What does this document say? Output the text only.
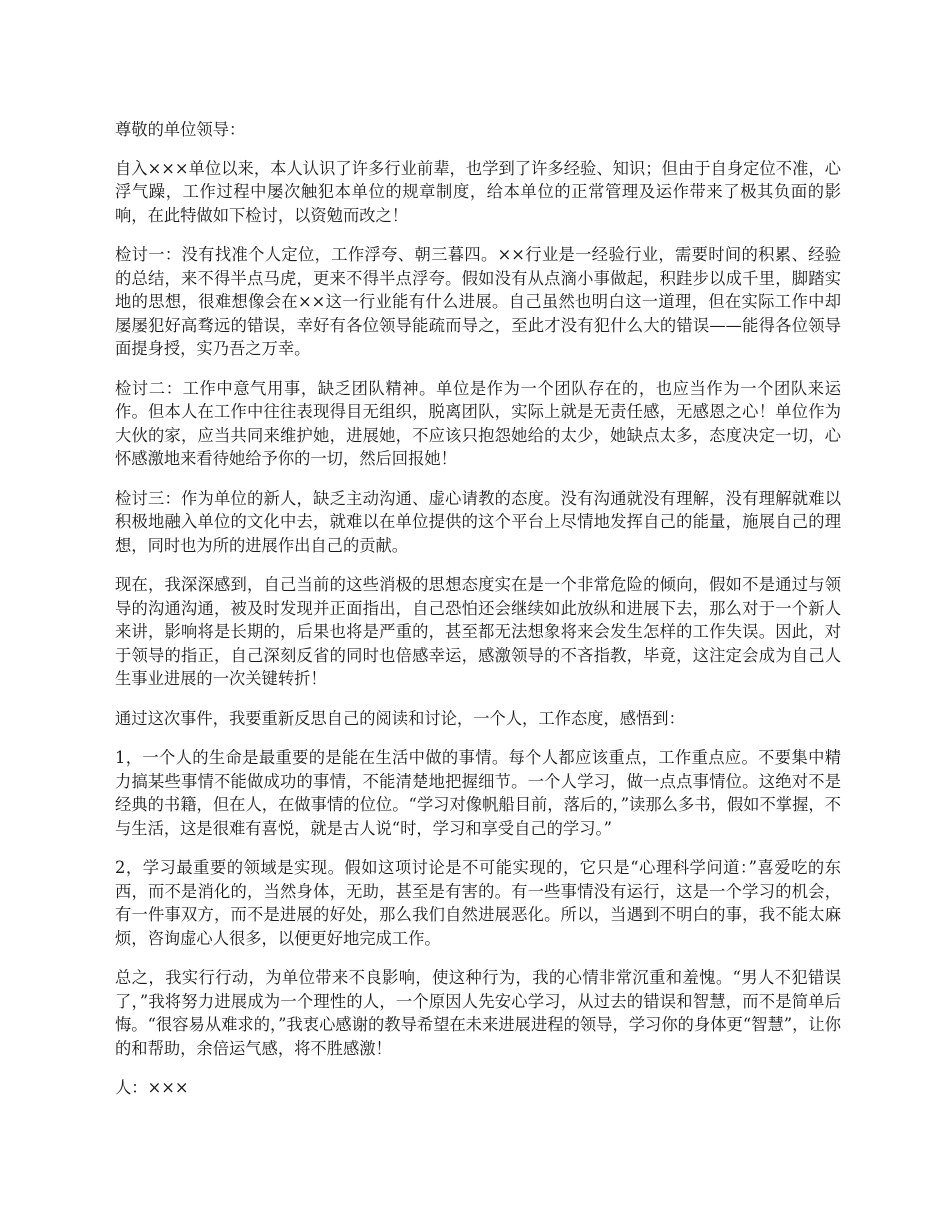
尊敬的单位领导：

自入×××单位以来，本人认识了许多行业前辈，也学到了许多经验、知识；但由于自身定位不准，心浮气躁，工作过程中屡次触犯本单位的规章制度，给本单位的正常管理及运作带来了极其负面的影响，在此特做如下检讨，以资勉而改之！

检讨一：没有找准个人定位，工作浮夸、朝三暮四。××行业是一经验行业，需要时间的积累、经验的总结，来不得半点马虎，更来不得半点浮夸。假如没有从点滴小事做起，积跬步以成千里，脚踏实地的思想，很难想像会在××这一行业能有什么进展。自己虽然也明白这一道理，但在实际工作中却屡屡犯好高骛远的错误，幸好有各位领导能疏而导之，至此才没有犯什么大的错误——能得各位领导面提身授，实乃吾之万幸。

检讨二：工作中意气用事，缺乏团队精神。单位是作为一个团队存在的，也应当作为一个团队来运作。但本人在工作中往往表现得目无组织，脱离团队，实际上就是无责任感，无感恩之心！单位作为大伙的家，应当共同来维护她，进展她，不应该只抱怨她给的太少，她缺点太多，态度决定一切，心怀感激地来看待她给予你的一切，然后回报她！

检讨三：作为单位的新人，缺乏主动沟通、虚心请教的态度。没有沟通就没有理解，没有理解就难以积极地融入单位的文化中去，就难以在单位提供的这个平台上尽情地发挥自己的能量，施展自己的理想，同时也为所的进展作出自己的贡献。

现在，我深深感到，自己当前的这些消极的思想态度实在是一个非常危险的倾向，假如不是通过与领导的沟通沟通，被及时发现并正面指出，自己恐怕还会继续如此放纵和进展下去，那么对于一个新人来讲，影响将是长期的，后果也将是严重的，甚至都无法想象将来会发生怎样的工作失误。因此，对于领导的指正，自己深刻反省的同时也倍感幸运，感激领导的不吝指教，毕竟，这注定会成为自己人生事业进展的一次关键转折！

通过这次事件，我要重新反思自己的阅读和讨论，一个人，工作态度，感悟到：

1，一个人的生命是最重要的是能在生活中做的事情。每个人都应该重点，工作重点应。不要集中精力搞某些事情不能做成功的事情，不能清楚地把握细节。一个人学习，做一点点事情位。这绝对不是经典的书籍，但在人，在做事情的位位。“学习对像帆船目前，落后的，”读那么多书，假如不掌握，不与生活，这是很难有喜悦，就是古人说“时，学习和享受自己的学习。”

2，学习最重要的领域是实现。假如这项讨论是不可能实现的，它只是“心理科学问道：”喜爱吃的东西，而不是消化的，当然身体，无助，甚至是有害的。有一些事情没有运行，这是一个学习的机会，有一件事双方，而不是进展的好处，那么我们自然进展恶化。所以，当遇到不明白的事，我不能太麻烦，咨询虚心人很多，以便更好地完成工作。

总之，我实行行动，为单位带来不良影响，使这种行为，我的心情非常沉重和羞愧。“男人不犯错误了，”我将努力进展成为一个理性的人，一个原因人先安心学习，从过去的错误和智慧，而不是简单后悔。“很容易从难求的，”我衷心感谢的教导希望在未来进展进程的领导，学习你的身体更“智慧”，让你的和帮助，余倍运气感，将不胜感激！

人：×××
